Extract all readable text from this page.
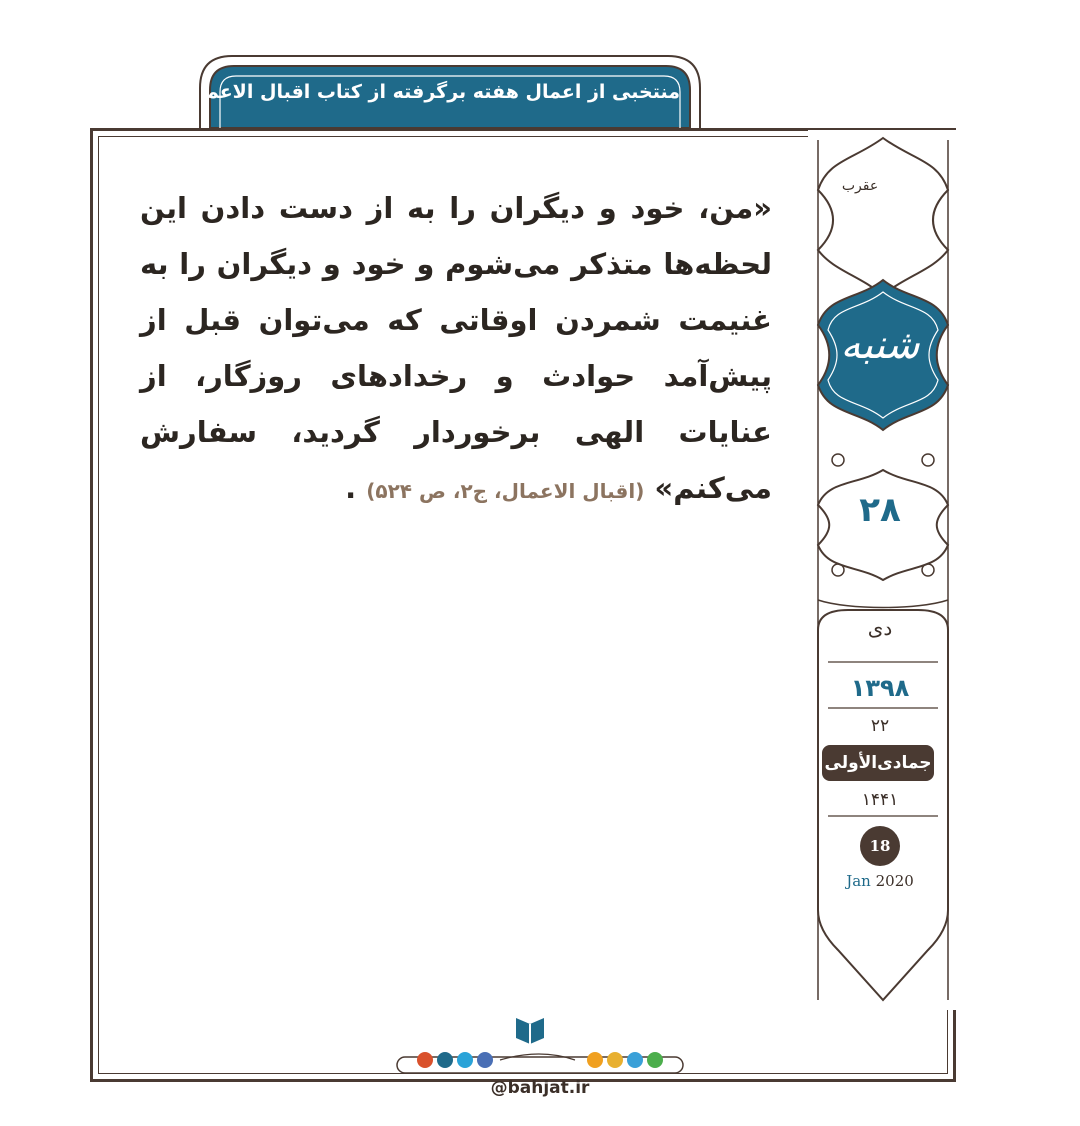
منتخبی از اعمال هفته برگرفته از کتاب اقبال الاعمال
«من، خود و دیگران را به از دست دادن این لحظه‌ها متذکر می‌شوم و خود و دیگران را به غنیمت شمردن اوقاتی که می‌توان قبل از پیش‌آمد حوادث و رخدادهای روزگار، از عنایات الهی برخوردار گردید، سفارش می‌کنم» (اقبال الاعمال، ج۲، ص ۵۲۴) .
عقرب
شنبه
۲۸
دی
۱۳۹۸
۲۲
جمادی‌الأولی
۱۴۴۱
18
Jan 2020
@bahjat.ir
